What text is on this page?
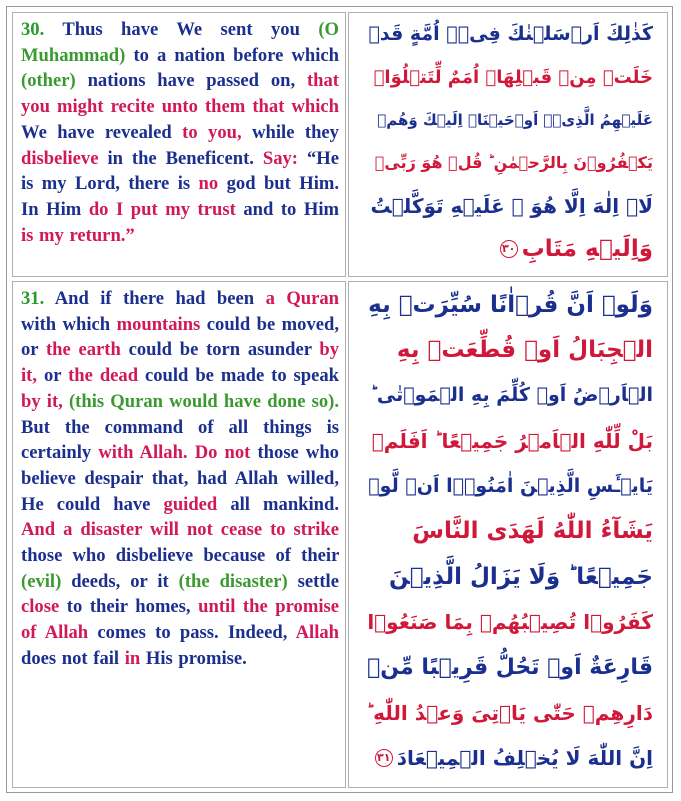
30. Thus have We sent you (O Muhammad) to a nation before which (other) nations have passed on, that you might recite unto them that which We have revealed to you, while they disbelieve in the Beneficent. Say: “He is my Lord, there is no god but Him. In Him do I put my trust and to Him is my return.”
كَذٰلِكَ اَرۡسَلۡنٰكَ فِىۡۤ اُمَّةٍ قَدۡ
خَلَتۡ مِنۡ قَبۡلِهَاۤ اُمَمٌ لِّتَتۡلُوَا۟
عَلَيۡهِمُ الَّذِىۡۤ اَوۡحَيۡنَاۤ اِلَيۡكَ وَهُمۡ
يَكۡفُرُوۡنَ بِالرَّحۡمٰنِ​ ؕ قُلۡ هُوَ رَبِّىۡ
لَاۤ اِلٰهَ اِلَّا هُوَ​ ۚ عَلَيۡهِ تَوَكَّلۡتُ
وَاِلَيۡهِ مَتَابِ
٣٠
31. And if there had been a Quran with which mountains could be moved, or the earth could be torn asunder by it, or the dead could be made to speak by it, (this Quran would have done so). But the command of all things is certainly with Allah. Do not those who believe despair that, had Allah willed, He could have guided all mankind. And a disaster will not cease to strike those who disbelieve because of their (evil) deeds, or it (the disaster) settle close to their homes, until the promise of Allah comes to pass. Indeed, Allah does not fail in His promise.
وَلَوۡ اَنَّ قُرۡاٰنًا سُيِّرَتۡ بِهِ
الۡجِبَالُ اَوۡ قُطِّعَتۡ بِهِ
الۡاَرۡضُ اَوۡ كُلِّمَ بِهِ الۡمَوۡتٰى​ ؕ
بَلْ لِّلّٰهِ الۡاَمۡرُ جَمِيۡعًا​ ؕ اَفَلَمۡ
يَايۡـَٔسِ الَّذِيۡنَ اٰمَنُوۡۤا اَنۡ لَّوۡ
يَشَآءُ اللّٰهُ لَهَدَى النَّاسَ
جَمِيۡعًا​ ؕ وَلَا يَزَالُ الَّذِيۡنَ
كَفَرُوۡا تُصِيۡبُهُمۡ بِمَا صَنَعُوۡا
قَارِعَةٌ اَوۡ تَحُلُّ قَرِيۡبًا مِّنۡ
دَارِهِمۡ حَتّٰى يَاۡتِىَ وَعۡدُ اللّٰهِ​ ؕ
اِنَّ اللّٰهَ لَا يُخۡلِفُ الۡمِيۡعَادَ
٣١
